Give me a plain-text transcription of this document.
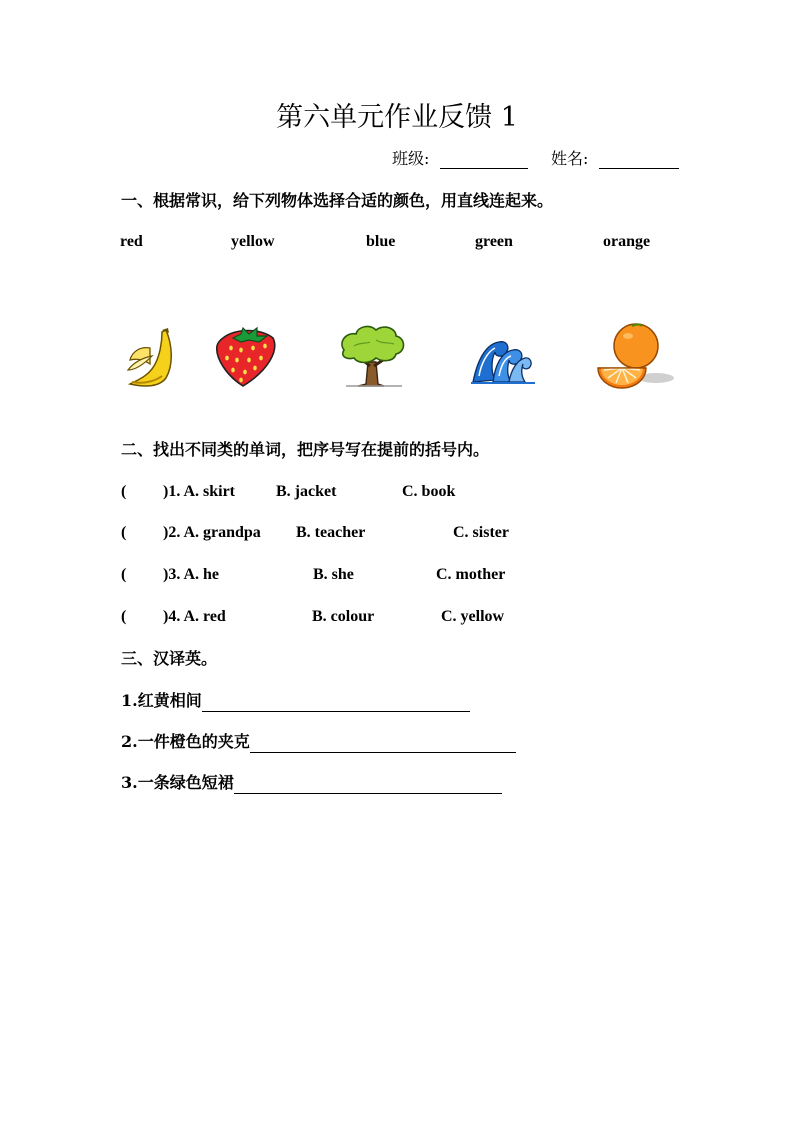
第六单元作业反馈 1
班级:	姓名:
一、根据常识，给下列物体选择合适的颜色，用直线连起来。
red	yellow	blue	green	orange
二、找出不同类的单词，把序号写在提前的括号内。
( )1. A. skirt	B. jacket	C. book
( )2. A. grandpa B. teacher	C. sister
( )3. A. he	B. she	C. mother
( )4. A. red	B. colour	C. yellow
三、汉译英。
1.红黄相间
2.一件橙色的夹克
3.一条绿色短裙
